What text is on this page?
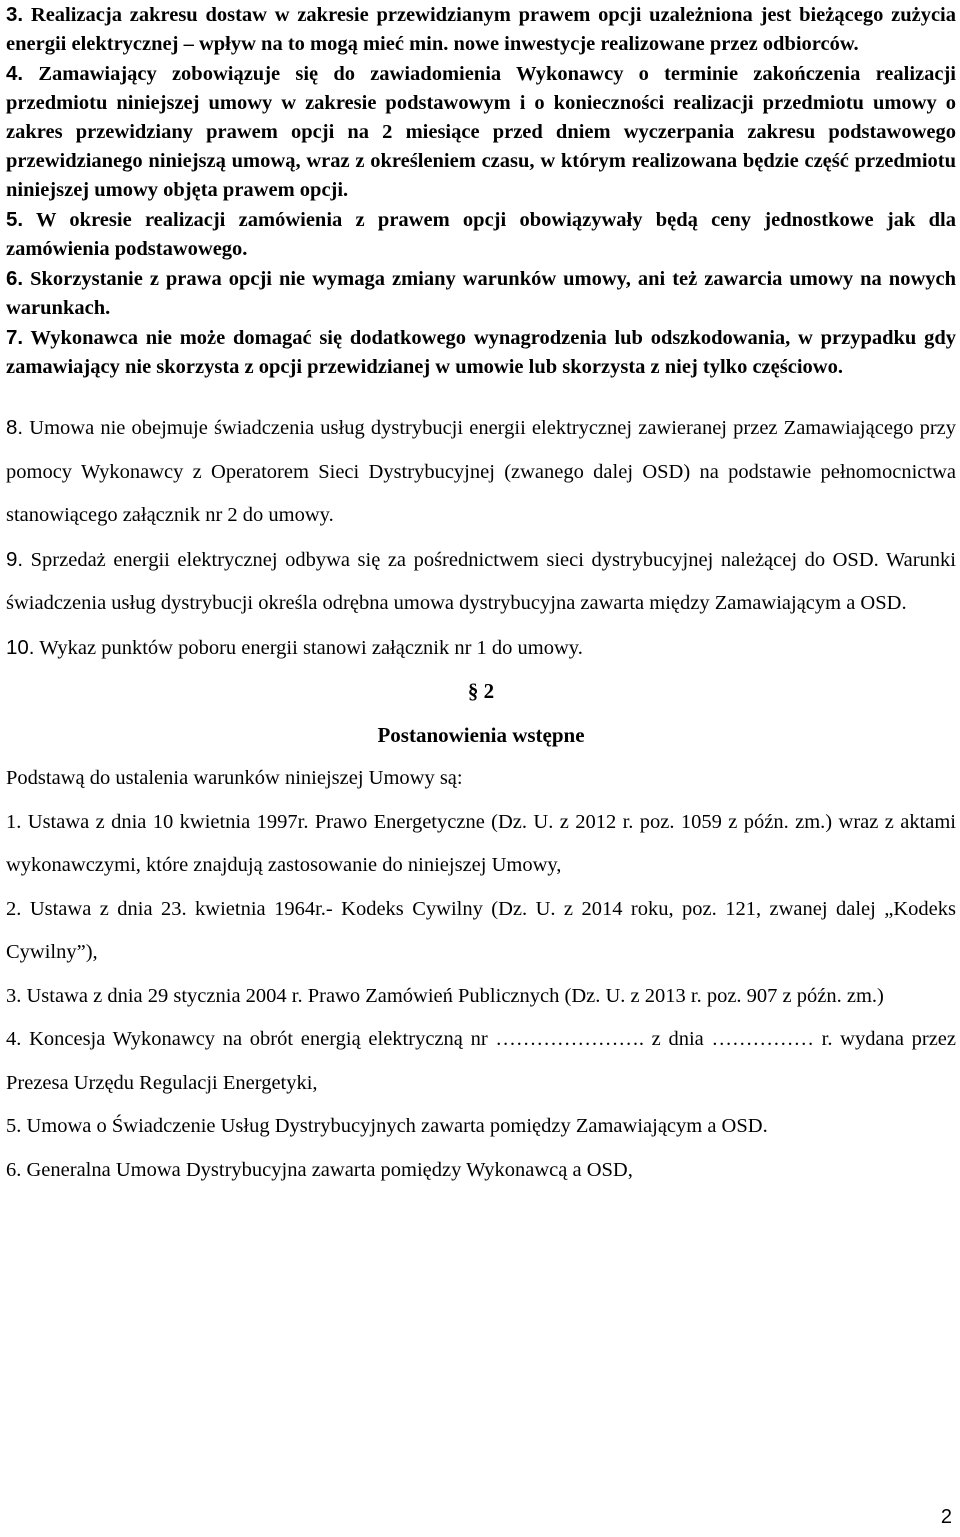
3. Realizacja zakresu dostaw w zakresie przewidzianym prawem opcji uzależniona jest bieżącego zużycia energii elektrycznej – wpływ na to mogą mieć min. nowe inwestycje realizowane przez odbiorców.

4. Zamawiający zobowiązuje się do zawiadomienia Wykonawcy o terminie zakończenia realizacji przedmiotu niniejszej umowy w zakresie podstawowym i o konieczności realizacji przedmiotu umowy o zakres przewidziany prawem opcji na 2 miesiące przed dniem wyczerpania zakresu podstawowego przewidzianego niniejszą umową, wraz z określeniem czasu, w którym realizowana będzie część przedmiotu niniejszej umowy objęta prawem opcji.

5. W okresie realizacji zamówienia z prawem opcji obowiązywały będą ceny jednostkowe jak dla zamówienia podstawowego.

6. Skorzystanie z prawa opcji nie wymaga zmiany warunków umowy, ani też zawarcia umowy na nowych warunkach.

7. Wykonawca nie może domagać się dodatkowego wynagrodzenia lub odszkodowania, w przypadku gdy zamawiający nie skorzysta z opcji przewidzianej w umowie lub skorzysta z niej tylko częściowo.

8. Umowa nie obejmuje świadczenia usług dystrybucji energii elektrycznej zawieranej przez Zamawiającego przy pomocy Wykonawcy z Operatorem Sieci Dystrybucyjnej (zwanego dalej OSD) na podstawie pełnomocnictwa stanowiącego załącznik nr 2 do umowy.

9. Sprzedaż energii elektrycznej odbywa się za pośrednictwem sieci dystrybucyjnej należącej do OSD. Warunki świadczenia usług dystrybucji określa odrębna umowa dystrybucyjna zawarta między Zamawiającym a OSD.

10. Wykaz punktów poboru energii stanowi załącznik nr 1 do umowy.

§ 2

Postanowienia wstępne

Podstawą do ustalenia warunków niniejszej Umowy są:

1. Ustawa z dnia 10 kwietnia 1997r. Prawo Energetyczne (Dz. U. z 2012 r. poz. 1059 z późn. zm.) wraz z aktami wykonawczymi, które znajdują zastosowanie do niniejszej Umowy,

2. Ustawa z dnia 23. kwietnia 1964r.- Kodeks Cywilny (Dz. U. z 2014 roku, poz. 121, zwanej dalej „Kodeks Cywilny”),

3. Ustawa z dnia 29 stycznia 2004 r. Prawo Zamówień Publicznych (Dz. U. z 2013 r. poz. 907 z późn. zm.)

4. Koncesja Wykonawcy na obrót energią elektryczną nr …………………. z dnia …………… r. wydana przez Prezesa Urzędu Regulacji Energetyki,

5. Umowa o Świadczenie Usług Dystrybucyjnych zawarta pomiędzy Zamawiającym a OSD.

6. Generalna Umowa Dystrybucyjna zawarta pomiędzy Wykonawcą a OSD,

2
